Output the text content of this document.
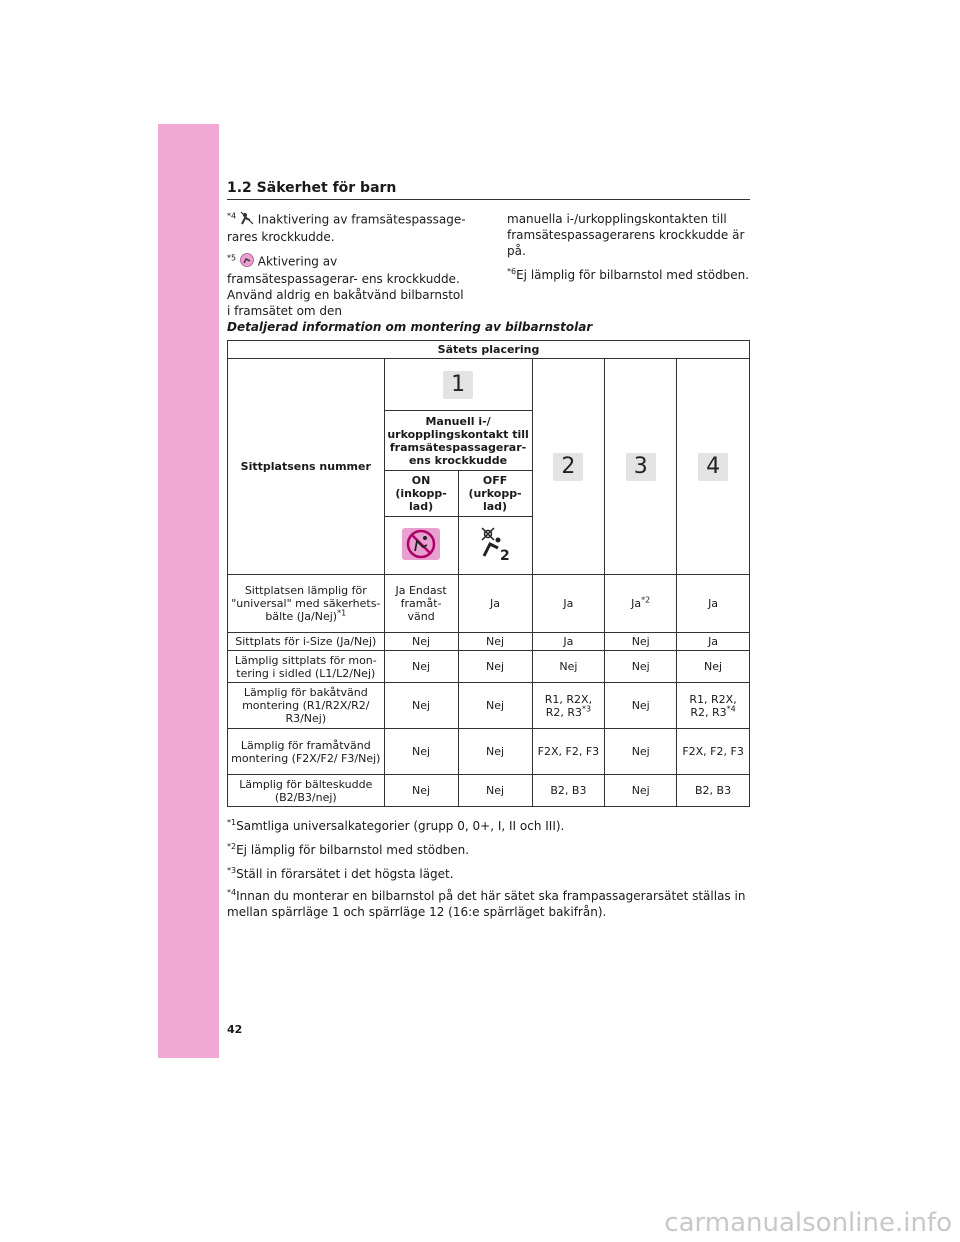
1.2 Säkerhet för barn

$^{*4}$ Inaktivering av framsätespassage- rares krockkudde.

$^{*5}$ Aktivering av framsätespassagerar- ens krockkudde. Använd aldrig en bakåtvänd bilbarnstol i framsätet om den

manuella i-/urkopplingskontakten till framsätespassagerarens krockkudde är på.

$^{*6}$Ej lämplig för bilbarnstol med stödben.

Detaljerad information om montering av bilbarnstolar
Sätets placering					
Sittplatsens nummer	1		2	3	4
	Manuell i-/ urkopplingskontakt till framsätespassagerar- ens krockkudde				
	ON (inkopp- lad)	OFF (urkopp- lad)			

2			

Sittplatsen lämplig för "universal" med säkerhets- bälte $(Ja/Nej)^{*1}$	Ja Endast framåt- vänd	Ja	Ja	Ja$^{*2}$	Ja
Sittplats för i-Size (Ja/Nej)	Nej	Nej	Ja	Nej	Ja
Lämplig sittplats för mon- tering i sidled (L1/L2/Nej)	Nej	Nej	Nej	Nej	Nej
Lämplig för bakåtvänd montering (R1/R2X/R2/ R3/Nej)	Nej	Nej	R1, R2X, R2, R3$^{*3}$	Nej	R1, R2X, R2, R3$^{*4}$
Lämplig för framåtvänd montering (F2X/F2/ F3/Nej)	Nej	Nej	F2X, F2, F3	Nej	F2X, F2, F3
Lämplig för bälteskudde (B2/B3/nej)	Nej	Nej	B2, B3	Nej	B2, B3
$^{*1}$Samtliga universalkategorier (grupp 0, 0+, I, II och III).
$^{*2}$Ej lämplig för bilbarnstol med stödben.
$^{*3}$Ställ in förarsätet i det högsta läget.
$^{*4}$Innan du monterar en bilbarnstol på det här sätet ska frampassagerarsätet ställas in mellan spärrläge 1 och spärrläge 12 (16:e spärrläget bakifrån).
42
carmanualsonline.info
